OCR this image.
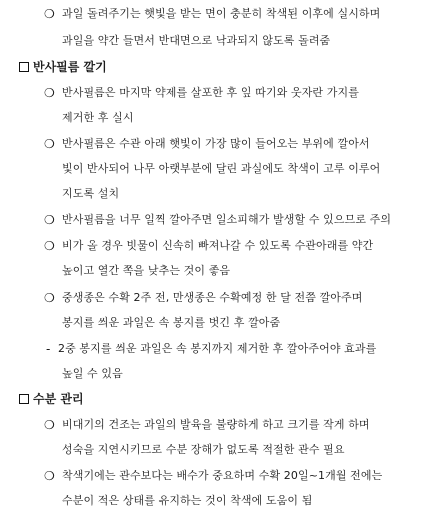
❍ 과일 돌려주기는 햇빛을 받는 면이 충분히 착색된 이후에 실시하며
과일을 약간 들면서 반대면으로 낙과되지 않도록 돌려줌
반사필름 깔기
❍ 반사필름은 마지막 약제를 살포한 후 잎 따기와 웃자란 가지를
제거한 후 실시
❍ 반사필름은 수관 아래 햇빛이 가장 많이 들어오는 부위에 깔아서
빛이 반사되어 나무 아랫부분에 달린 과실에도 착색이 고루 이루어
지도록 설치
❍ 반사필름을 너무 일찍 깔아주면 일소피해가 발생할 수 있으므로 주의
❍ 비가 올 경우 빗물이 신속히 빠져나갈 수 있도록 수관아래를 약간
높이고 열간 쪽을 낮추는 것이 좋음
❍ 중생종은 수확 2주 전, 만생종은 수확예정 한 달 전쯤 깔아주며
봉지를 씌운 과일은 속 봉지를 벗긴 후 깔아줌
- 2중 봉지를 씌운 과일은 속 봉지까지 제거한 후 깔아주어야 효과를
높일 수 있음
수분 관리
❍ 비대기의 건조는 과일의 발육을 불량하게 하고 크기를 작게 하며
성숙을 지연시키므로 수분 장해가 없도록 적절한 관수 필요
❍ 착색기에는 관수보다는 배수가 중요하며 수확 20일~1개월 전에는
수분이 적은 상태를 유지하는 것이 착색에 도움이 됨
